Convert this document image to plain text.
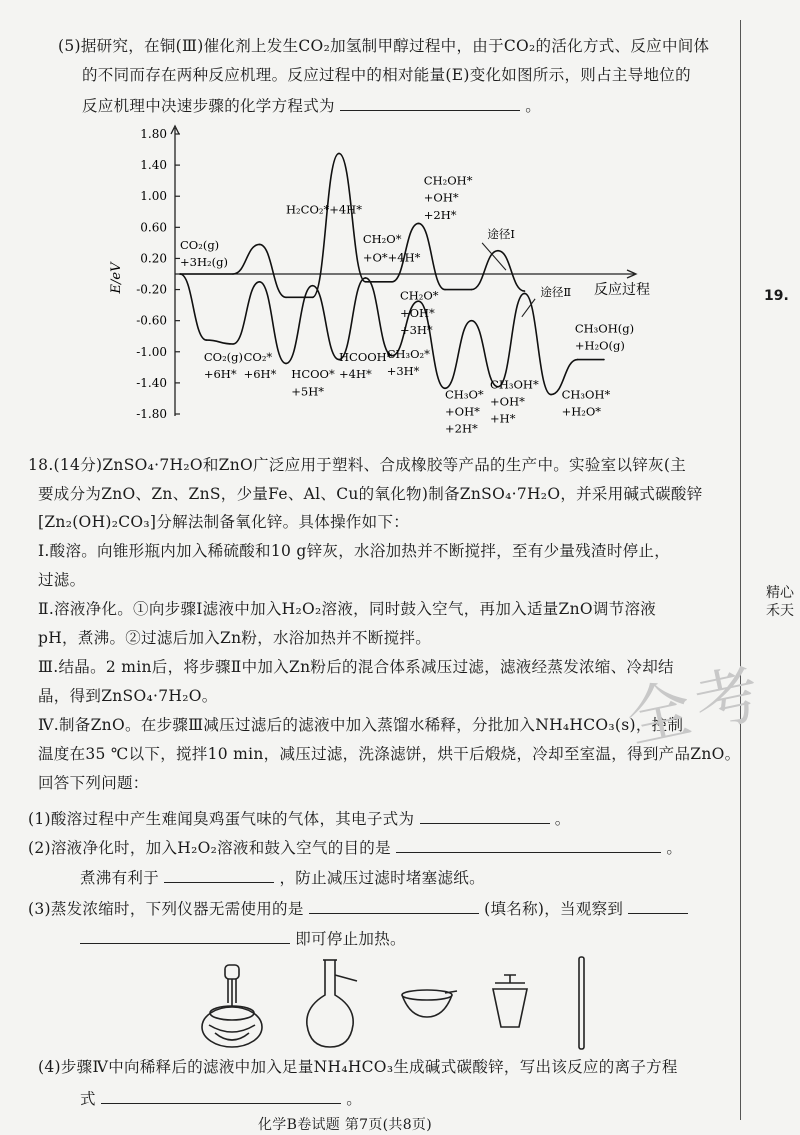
(5)据研究，在铜(Ⅲ)催化剂上发生CO₂加氢制甲醇过程中，由于CO₂的活化方式、反应中间体
的不同而存在两种反应机理。反应过程中的相对能量(E)变化如图所示，则占主导地位的
反应机理中决速步骤的化学方程式为	。
1.80
1.40
1.00
0.60
0.20
-0.20
-0.60
-1.00
-1.40
-1.80
E/eV	反应过程
CO₂(g)
+3H₂(g)
H₂CO₂*+4H*
CH₂O*
+O*+4H*
CH₂OH*
+OH*
+2H*
途径Ⅰ
CH₂O*
+OH*
+3H*
途径Ⅱ
CH₃OH(g)
+H₂O(g)
CO₂(g)
+6H*
CO₂*
+6H* HCOO*
+5H*
HCOOH*
+4H*
CH₃O₂*
+3H*
CH₃O*
+OH*
+2H*
CH₃OH*
+OH*
+H*
CH₃OH*
+H₂O*
18.(14分)ZnSO₄·7H₂O和ZnO广泛应用于塑料、合成橡胶等产品的生产中。实验室以锌灰(主
要成分为ZnO、Zn、ZnS，少量Fe、Al、Cu的氧化物)制备ZnSO₄·7H₂O，并采用碱式碳酸锌
[Zn₂(OH)₂CO₃]分解法制备氧化锌。具体操作如下：
Ⅰ.酸溶。向锥形瓶内加入稀硫酸和10 g锌灰，水浴加热并不断搅拌，至有少量残渣时停止，
过滤。
Ⅱ.溶液净化。①向步骤Ⅰ滤液中加入H₂O₂溶液，同时鼓入空气，再加入适量ZnO调节溶液
pH，煮沸。②过滤后加入Zn粉，水浴加热并不断搅拌。
Ⅲ.结晶。2 min后，将步骤Ⅱ中加入Zn粉后的混合体系减压过滤，滤液经蒸发浓缩、冷却结
晶，得到ZnSO₄·7H₂O。
Ⅳ.制备ZnO。在步骤Ⅲ减压过滤后的滤液中加入蒸馏水稀释，分批加入NH₄HCO₃(s)，控制
温度在35 ℃以下，搅拌10 min，减压过滤，洗涤滤饼，烘干后煅烧，冷却至室温，得到产品ZnO。
回答下列问题：
(1)酸溶过程中产生难闻臭鸡蛋气味的气体，其电子式为	。
(2)溶液净化时，加入H₂O₂溶液和鼓入空气的目的是	。
煮沸有利于	，防止减压过滤时堵塞滤纸。
(3)蒸发浓缩时，下列仪器无需使用的是	(填名称)，当观察到
即可停止加热。
(4)步骤Ⅳ中向稀释后的滤液中加入足量NH₄HCO₃生成碱式碳酸锌，写出该反应的离子方程
式	。
化学B卷试题 第7页(共8页)
19.
精心
禾天
全考
